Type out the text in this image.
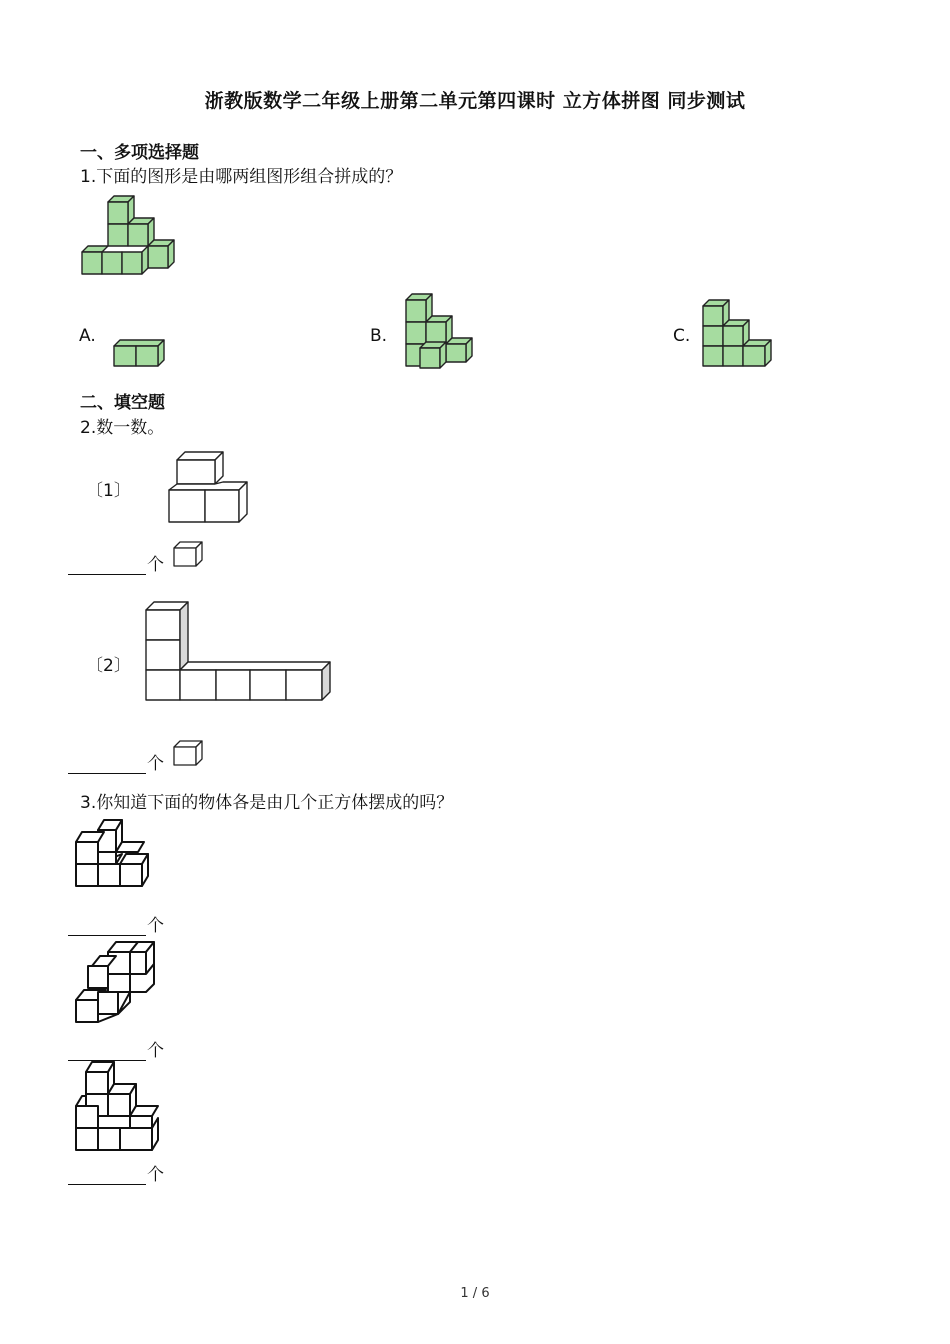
浙教版数学二年级上册第二单元第四课时 立方体拼图 同步测试
一、多项选择题
1.下面的图形是由哪两组图形组合拼成的？
A.	B.	C.
二、填空题
2.数一数。
〔1〕
个
〔2〕
个
3.你知道下面的物体各是由几个正方体摆成的吗？
个
个
个
1 / 6
